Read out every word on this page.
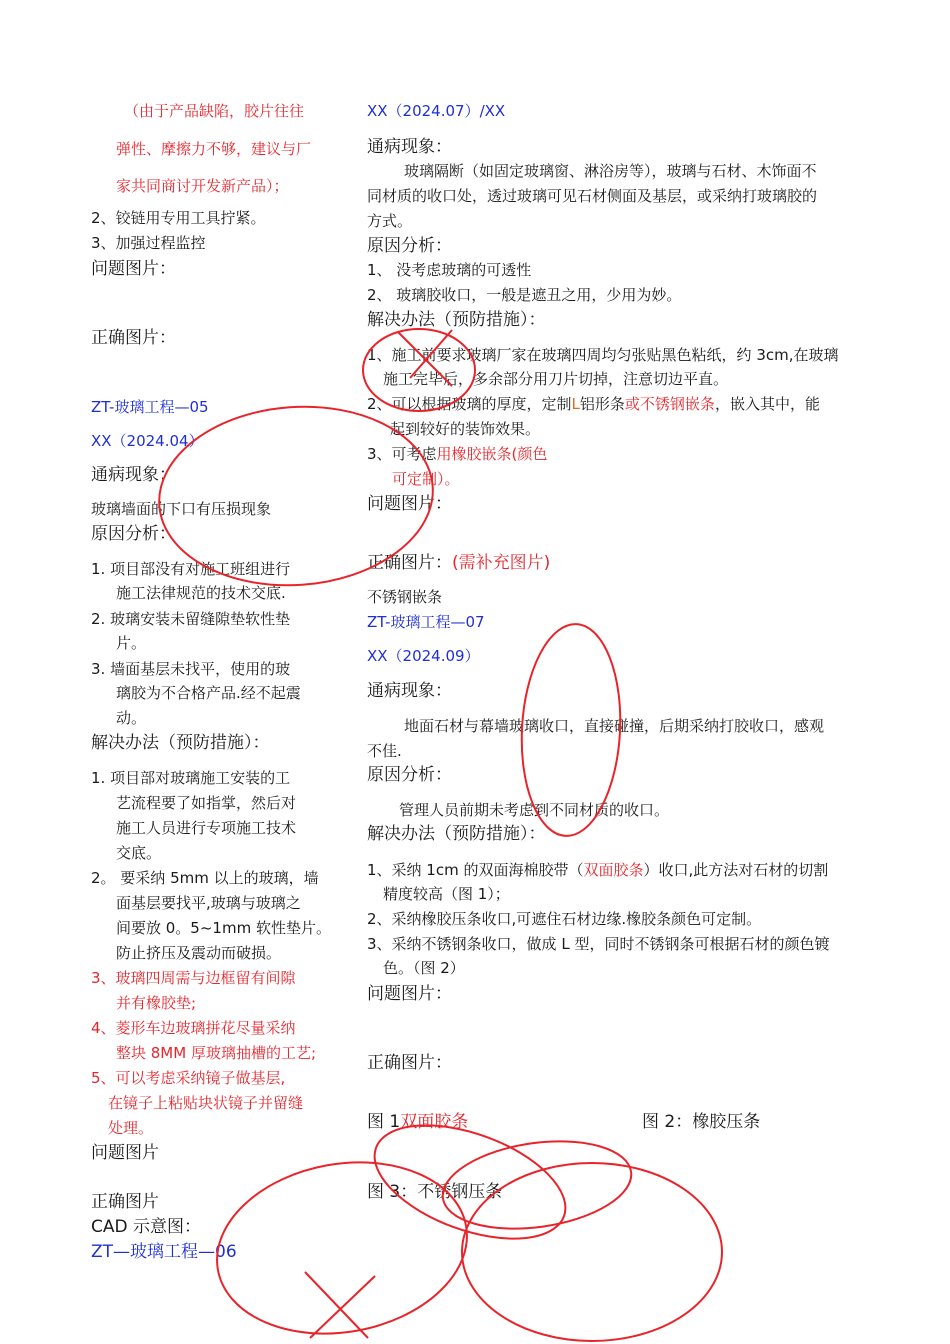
（由于产品缺陷，胶片往往
弹性、摩擦力不够，建议与厂
家共同商讨开发新产品）；
2、铰链用专用工具拧紧。
3、加强过程监控
问题图片：
正确图片：
ZT-玻璃工程—05
XX（2024.04）
通病现象：
玻璃墙面的下口有压损现象
原因分析：
1. 项目部没有对施工班组进行
施工法律规范的技术交底.
2. 玻璃安装未留缝隙垫软性垫
片。
3. 墙面基层未找平，使用的玻
璃胶为不合格产品.经不起震
动。
解决办法（预防措施）：
1. 项目部对玻璃施工安装的工
艺流程要了如指掌，然后对
施工人员进行专项施工技术
交底。
2。 要采纳 5mm 以上的玻璃，墙
面基层要找平,玻璃与玻璃之
间要放 0。5~1mm 软性垫片。
防止挤压及震动而破损。
3、玻璃四周需与边框留有间隙
并有橡胶垫;
4、菱形车边玻璃拼花尽量采纳
整块 8MM 厚玻璃抽槽的工艺;
5、可以考虑采纳镜子做基层,
在镜子上粘贴块状镜子并留缝
处理。
问题图片
正确图片
CAD 示意图：
ZT—玻璃工程—06
XX（2024.07）/XX
通病现象：
玻璃隔断（如固定玻璃窗、淋浴房等），玻璃与石材、木饰面不
同材质的收口处，透过玻璃可见石材侧面及基层，或采纳打玻璃胶的
方式。
原因分析：
1、 没考虑玻璃的可透性
2、 玻璃胶收口，一般是遮丑之用，少用为妙。
解决办法（预防措施）：
1、施工前要求玻璃厂家在玻璃四周均匀张贴黑色粘纸，约 3cm,在玻璃
施工完毕后，多余部分用刀片切掉，注意切边平直。
2、可以根据玻璃的厚度，定制L铝形条或不锈钢嵌条，嵌入其中，能
起到较好的装饰效果。
3、可考虑用橡胶嵌条(颜色
可定制）。
问题图片：
正确图片：(需补充图片)
不锈钢嵌条
ZT-玻璃工程—07
XX（2024.09）
通病现象：
地面石材与幕墙玻璃收口，直接碰撞，后期采纳打胶收口，感观
不佳.
原因分析：
管理人员前期未考虑到不同材质的收口。
解决办法（预防措施）：
1、采纳 1cm 的双面海棉胶带（双面胶条）收口,此方法对石材的切割
精度较高（图 1）；
2、采纳橡胶压条收口,可遮住石材边缘.橡胶条颜色可定制。
3、采纳不锈钢条收口，做成 L 型，同时不锈钢条可根据石材的颜色镀
色。（图 2）
问题图片：
正确图片：
图 1双面胶条	图 2：橡胶压条
图 3：不锈钢压条
